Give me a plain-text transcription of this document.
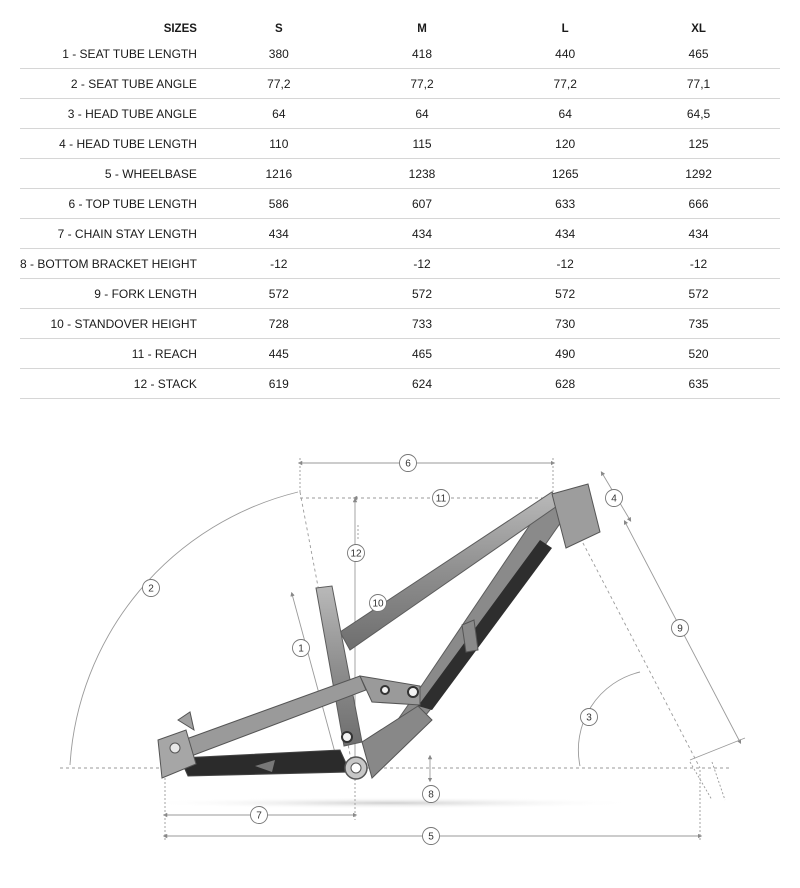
SIZES	S	M	L	XL
1 - SEAT TUBE LENGTH	380	418	440	465
2 - SEAT TUBE ANGLE	77,2	77,2	77,2	77,1
3 - HEAD TUBE ANGLE	64	64	64	64,5
4 - HEAD TUBE LENGTH	110	115	120	125
5 - WHEELBASE	1216	1238	1265	1292
6 - TOP TUBE LENGTH	586	607	633	666
7 - CHAIN STAY LENGTH	434	434	434	434
8 - BOTTOM BRACKET HEIGHT	-12	-12	-12	-12
9 - FORK LENGTH	572	572	572	572
10 - STANDOVER HEIGHT	728	733	730	735
11 - REACH	445	465	490	520
12 - STACK	619	624	628	635
1
2
3
4
5
6
7
8
9
10
11
12
